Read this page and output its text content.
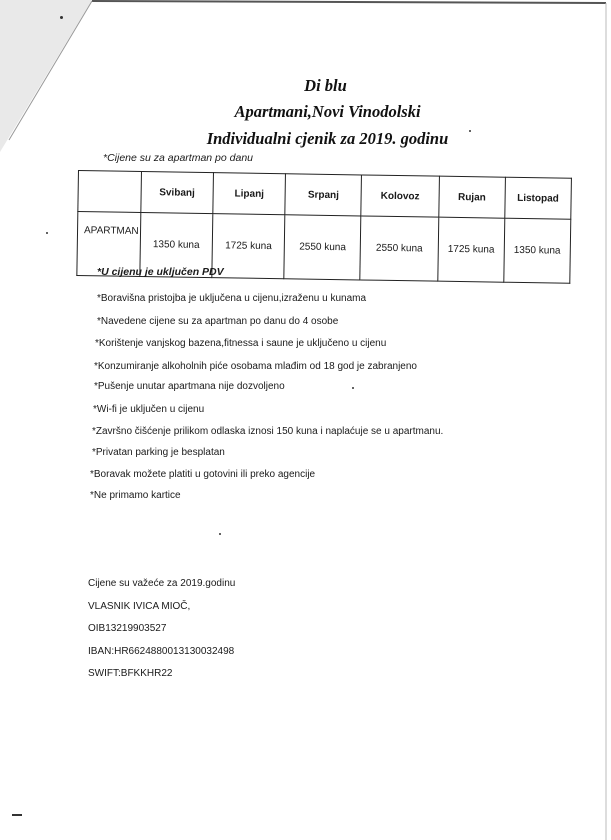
Di blu
Apartmani,Novi Vinodolski
Individualni cjenik za 2019. godinu
*Cijene su za apartman po danu
	Svibanj	Lipanj	Srpanj	Kolovoz	Rujan	Listopad
APARTMAN	1350 kuna	1725 kuna	2550 kuna	2550 kuna	1725 kuna	1350 kuna
*U cijenu je uključen PDV
*Boravišna pristojba je uključena u cijenu,izraženu u kunama
*Navedene cijene su za apartman po danu do 4 osobe
*Korištenje vanjskog bazena,fitnessa i saune je uključeno u cijenu
*Konzumiranje alkoholnih piće osobama mlađim od 18 god je zabranjeno
*Pušenje unutar apartmana nije dozvoljeno
*Wi-fi je uključen u cijenu
*Završno čišćenje prilikom odlaska iznosi 150 kuna i naplaćuje se u apartmanu.
*Privatan parking je besplatan
*Boravak možete platiti u gotovini ili preko agencije
*Ne primamo kartice
Cijene su važeće za 2019.godinu
VLASNIK IVICA MIOČ,
OIB13219903527
IBAN:HR6624880013130032498
SWIFT:BFKKHR22
